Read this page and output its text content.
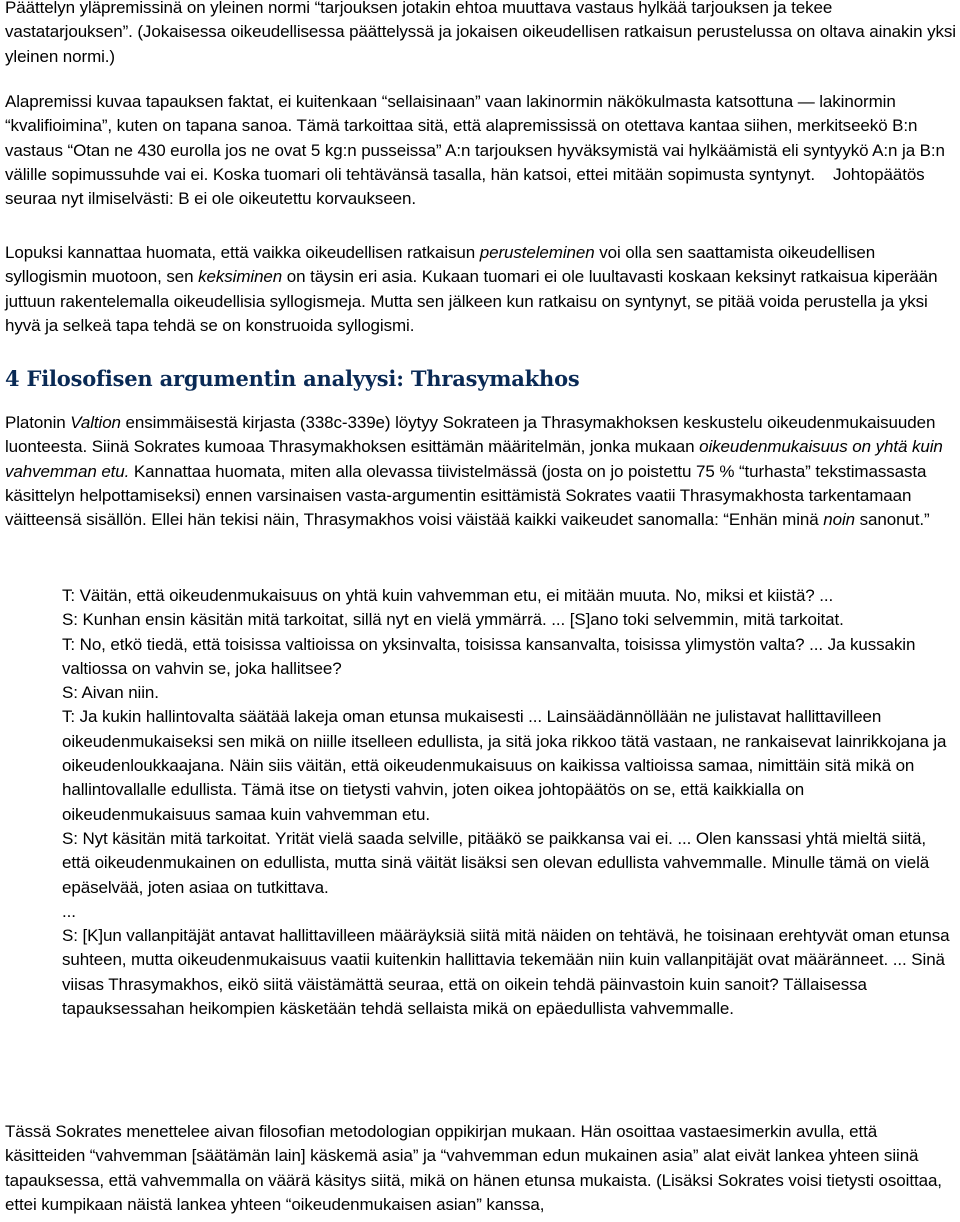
Päättelyn yläpremissinä on yleinen normi “tarjouksen jotakin ehtoa muuttava vastaus hylkää tarjouksen ja tekee vastatarjouksen”. (Jokaisessa oikeudellisessa päättelyssä ja jokaisen oikeudellisen ratkaisun perustelussa on oltava ainakin yksi yleinen normi.)

Alapremissi kuvaa tapauksen faktat, ei kuitenkaan “sellaisinaan” vaan lakinormin näkökulmasta katsottuna — lakinormin “kvalifioimina”, kuten on tapana sanoa. Tämä tarkoittaa sitä, että alapremississä on otettava kantaa siihen, merkitseekö B:n vastaus “Otan ne 430 eurolla jos ne ovat 5 kg:n pusseissa” A:n tarjouksen hyväksymistä vai hylkäämistä eli syntyykö A:n ja B:n välille sopimussuhde vai ei. Koska tuomari oli tehtävänsä tasalla, hän katsoi, ettei mitään sopimusta syntynyt. Johtopäätös seuraa nyt ilmiselvästi: B ei ole oikeutettu korvaukseen.

Lopuksi kannattaa huomata, että vaikka oikeudellisen ratkaisun perusteleminen voi olla sen saattamista oikeudellisen syllogismin muotoon, sen keksiminen on täysin eri asia. Kukaan tuomari ei ole luultavasti koskaan keksinyt ratkaisua kiperään juttuun rakentelemalla oikeudellisia syllogismeja. Mutta sen jälkeen kun ratkaisu on syntynyt, se pitää voida perustella ja yksi hyvä ja selkeä tapa tehdä se on konstruoida syllogismi.

4 Filosofisen argumentin analyysi: Thrasymakhos

Platonin Valtion ensimmäisestä kirjasta (338c-339e) löytyy Sokrateen ja Thrasymakhoksen keskustelu oikeudenmukaisuuden luonteesta. Siinä Sokrates kumoaa Thrasymakhoksen esittämän määritelmän, jonka mukaan oikeudenmukaisuus on yhtä kuin vahvemman etu. Kannattaa huomata, miten alla olevassa tiivistelmässä (josta on jo poistettu 75 % “turhasta” tekstimassasta käsittelyn helpottamiseksi) ennen varsinaisen vasta-argumentin esittämistä Sokrates vaatii Thrasymakhosta tarkentamaan väitteensä sisällön. Ellei hän tekisi näin, Thrasymakhos voisi väistää kaikki vaikeudet sanomalla: “Enhän minä noin sanonut.”

T: Väitän, että oikeudenmukaisuus on yhtä kuin vahvemman etu, ei mitään muuta. No, miksi et kiistä? ...
S: Kunhan ensin käsitän mitä tarkoitat, sillä nyt en vielä ymmärrä. ... [S]ano toki selvemmin, mitä tarkoitat.
T: No, etkö tiedä, että toisissa valtioissa on yksinvalta, toisissa kansanvalta, toisissa ylimystön valta? ... Ja kussakin valtiossa on vahvin se, joka hallitsee?
S: Aivan niin.
T: Ja kukin hallintovalta säätää lakeja oman etunsa mukaisesti ... Lainsäädännöllään ne julistavat hallittavilleen oikeudenmukaiseksi sen mikä on niille itselleen edullista, ja sitä joka rikkoo tätä vastaan, ne rankaisevat lainrikkojana ja oikeudenloukkaajana. Näin siis väitän, että oikeudenmukaisuus on kaikissa valtioissa samaa, nimittäin sitä mikä on hallintovallalle edullista. Tämä itse on tietysti vahvin, joten oikea johtopäätös on se, että kaikkialla on oikeudenmukaisuus samaa kuin vahvemman etu.
S: Nyt käsitän mitä tarkoitat. Yrität vielä saada selville, pitääkö se paikkansa vai ei. ... Olen kanssasi yhtä mieltä siitä, että oikeudenmukainen on edullista, mutta sinä väität lisäksi sen olevan edullista vahvemmalle. Minulle tämä on vielä epäselvää, joten asiaa on tutkittava.
...
S: [K]un vallanpitäjät antavat hallittavilleen määräyksiä siitä mitä näiden on tehtävä, he toisinaan erehtyvät oman etunsa suhteen, mutta oikeudenmukaisuus vaatii kuitenkin hallittavia tekemään niin kuin vallanpitäjät ovat määränneet. ... Sinä viisas Thrasymakhos, eikö siitä väistämättä seuraa, että on oikein tehdä päinvastoin kuin sanoit? Tällaisessa tapauksessahan heikompien käsketään tehdä sellaista mikä on epäedullista vahvemmalle.

Tässä Sokrates menettelee aivan filosofian metodologian oppikirjan mukaan. Hän osoittaa vastaesimerkin avulla, että käsitteiden “vahvemman [säätämän lain] käskemä asia” ja “vahvemman edun mukainen asia” alat eivät lankea yhteen siinä tapauksessa, että vahvemmalla on väärä käsitys siitä, mikä on hänen etunsa mukaista. (Lisäksi Sokrates voisi tietysti osoittaa, ettei kumpikaan näistä lankea yhteen “oikeudenmukaisen asian” kanssa,
